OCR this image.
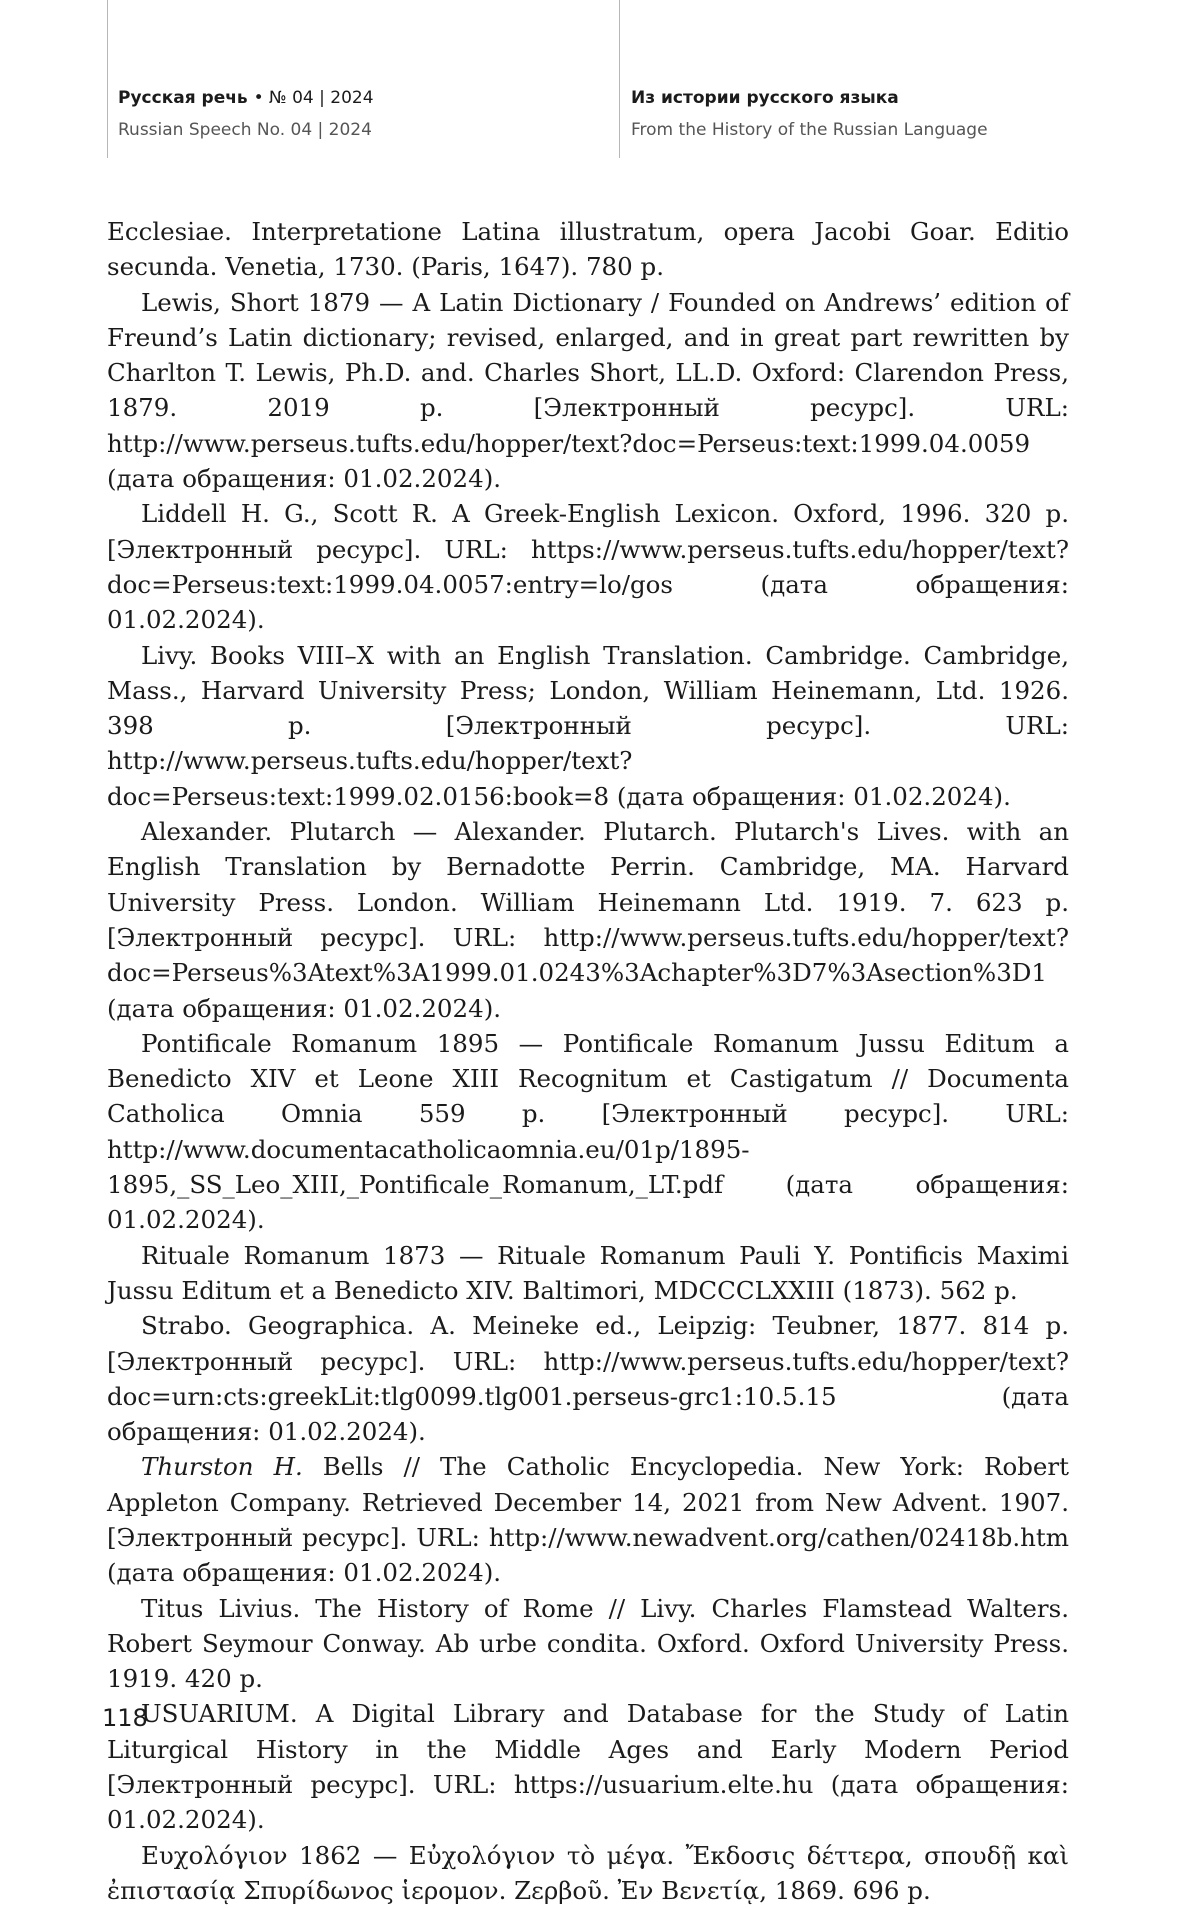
Русская речь • № 04 | 2024
Russian Speech No. 04 | 2024
Из истории русского языка
From the History of the Russian Language

Ecclesiae. Interpretatione Latina illustratum, opera Jacobi Goar. Editio secunda. Venetia, 1730. (Paris, 1647). 780 p.

Lewis, Short 1879 — A Latin Dictionary / Founded on Andrews’ edition of Freund’s Latin dictionary; revised, enlarged, and in great part rewritten by Charlton T. Lewis, Ph.D. and. Charles Short, LL.D. Oxford: Clarendon Press, 1879. 2019 p. [Электронный ресурс]. URL: http://www.perseus.tufts.edu/hopper/text?doc=Perseus:text:1999.04.0059 (дата обращения: 01.02.2024).

Liddell H. G., Scott R. A Greek-English Lexicon. Oxford, 1996. 320 p. [Электронный ресурс]. URL: https://www.perseus.tufts.edu/hopper/text?doc=Perseus:text:1999.04.0057:entry=lo/gos (дата обращения: 01.02.2024).

Livy. Books VIII–X with an English Translation. Cambridge. Cambridge, Mass., Harvard University Press; London, William Heinemann, Ltd. 1926. 398 p. [Электронный ресурс]. URL: http://www.perseus.tufts.edu/hopper/text?doc=Perseus:text:1999.02.0156:book=8 (дата обращения: 01.02.2024).

Alexander. Plutarch — Alexander. Plutarch. Plutarch's Lives. with an English Translation by Bernadotte Perrin. Cambridge, MA. Harvard University Press. London. William Heinemann Ltd. 1919. 7. 623 p. [Электронный ресурс]. URL: http://www.perseus.tufts.edu/hopper/text?doc=Perseus%3Atext%3A1999.01.0243%3Achapter%3D7%3Asection%3D1 (дата обращения: 01.02.2024).

Pontificale Romanum 1895 — Pontificale Romanum Jussu Editum a Benedicto XIV et Leone XIII Recognitum et Castigatum // Documenta Catholica Omnia 559 p. [Электронный ресурс]. URL: http://www.documentacatholicaomnia.eu/01p/1895-1895,_SS_Leo_XIII,_Pontificale_Romanum,_LT.pdf (дата обращения: 01.02.2024).

Rituale Romanum 1873 — Rituale Romanum Pauli Y. Pontificis Maximi Jussu Editum et a Benedicto XIV. Baltimori, MDCCCLXXIII (1873). 562 p.

Strabo. Geographica. A. Meineke ed., Leipzig: Teubner, 1877. 814 p. [Электронный ресурс]. URL: http://www.perseus.tufts.edu/hopper/text?doc=urn:cts:greekLit:tlg0099.tlg001.perseus-grc1:10.5.15 (дата обращения: 01.02.2024).

Thurston H. Bells // The Catholic Encyclopedia. New York: Robert Appleton Company. Retrieved December 14, 2021 from New Advent. 1907. [Электронный ресурс]. URL: http://www.newadvent.org/cathen/02418b.htm (дата обращения: 01.02.2024).

Titus Livius. The History of Rome // Livy. Charles Flamstead Walters. Robert Seymour Conway. Ab urbe condita. Oxford. Oxford University Press. 1919. 420 p.

USUARIUM. A Digital Library and Database for the Study of Latin Liturgical History in the Middle Ages and Early Modern Period [Электронный ресурс]. URL: https://usuarium.elte.hu (дата обращения: 01.02.2024).

Ευχολόγιον 1862 — Εὐχολόγιον τὸ μέγα. Ἔκδοσις δέττερα, σπουδῇ καὶ ἐπιστασίᾳ Σπυρίδωνος ἱερομον. Ζερβοῦ. Ἐν Βενετίᾳ, 1869. 696 p.

118
